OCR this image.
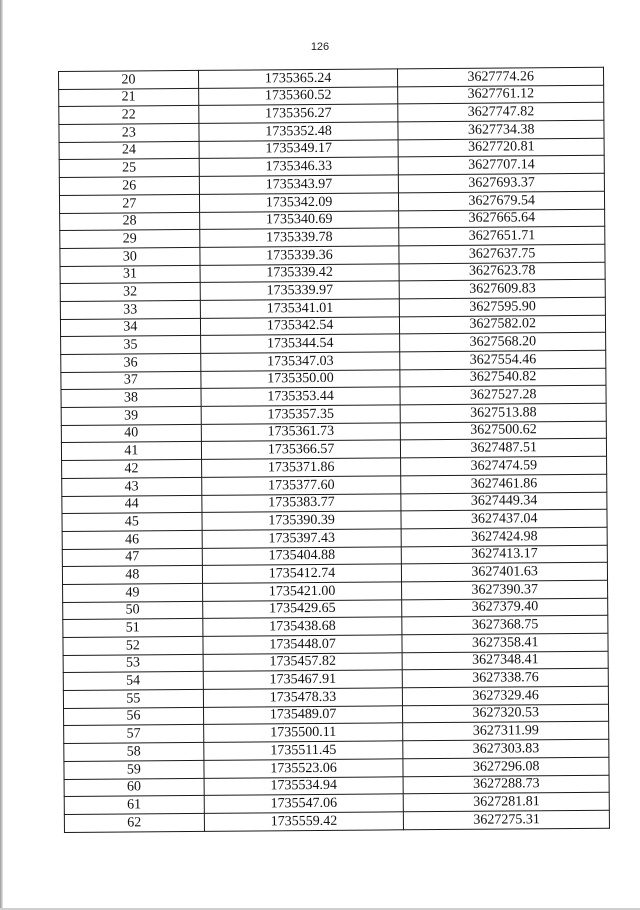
126
20	1735365.24	3627774.26
21	1735360.52	3627761.12
22	1735356.27	3627747.82
23	1735352.48	3627734.38
24	1735349.17	3627720.81
25	1735346.33	3627707.14
26	1735343.97	3627693.37
27	1735342.09	3627679.54
28	1735340.69	3627665.64
29	1735339.78	3627651.71
30	1735339.36	3627637.75
31	1735339.42	3627623.78
32	1735339.97	3627609.83
33	1735341.01	3627595.90
34	1735342.54	3627582.02
35	1735344.54	3627568.20
36	1735347.03	3627554.46
37	1735350.00	3627540.82
38	1735353.44	3627527.28
39	1735357.35	3627513.88
40	1735361.73	3627500.62
41	1735366.57	3627487.51
42	1735371.86	3627474.59
43	1735377.60	3627461.86
44	1735383.77	3627449.34
45	1735390.39	3627437.04
46	1735397.43	3627424.98
47	1735404.88	3627413.17
48	1735412.74	3627401.63
49	1735421.00	3627390.37
50	1735429.65	3627379.40
51	1735438.68	3627368.75
52	1735448.07	3627358.41
53	1735457.82	3627348.41
54	1735467.91	3627338.76
55	1735478.33	3627329.46
56	1735489.07	3627320.53
57	1735500.11	3627311.99
58	1735511.45	3627303.83
59	1735523.06	3627296.08
60	1735534.94	3627288.73
61	1735547.06	3627281.81
62	1735559.42	3627275.31
